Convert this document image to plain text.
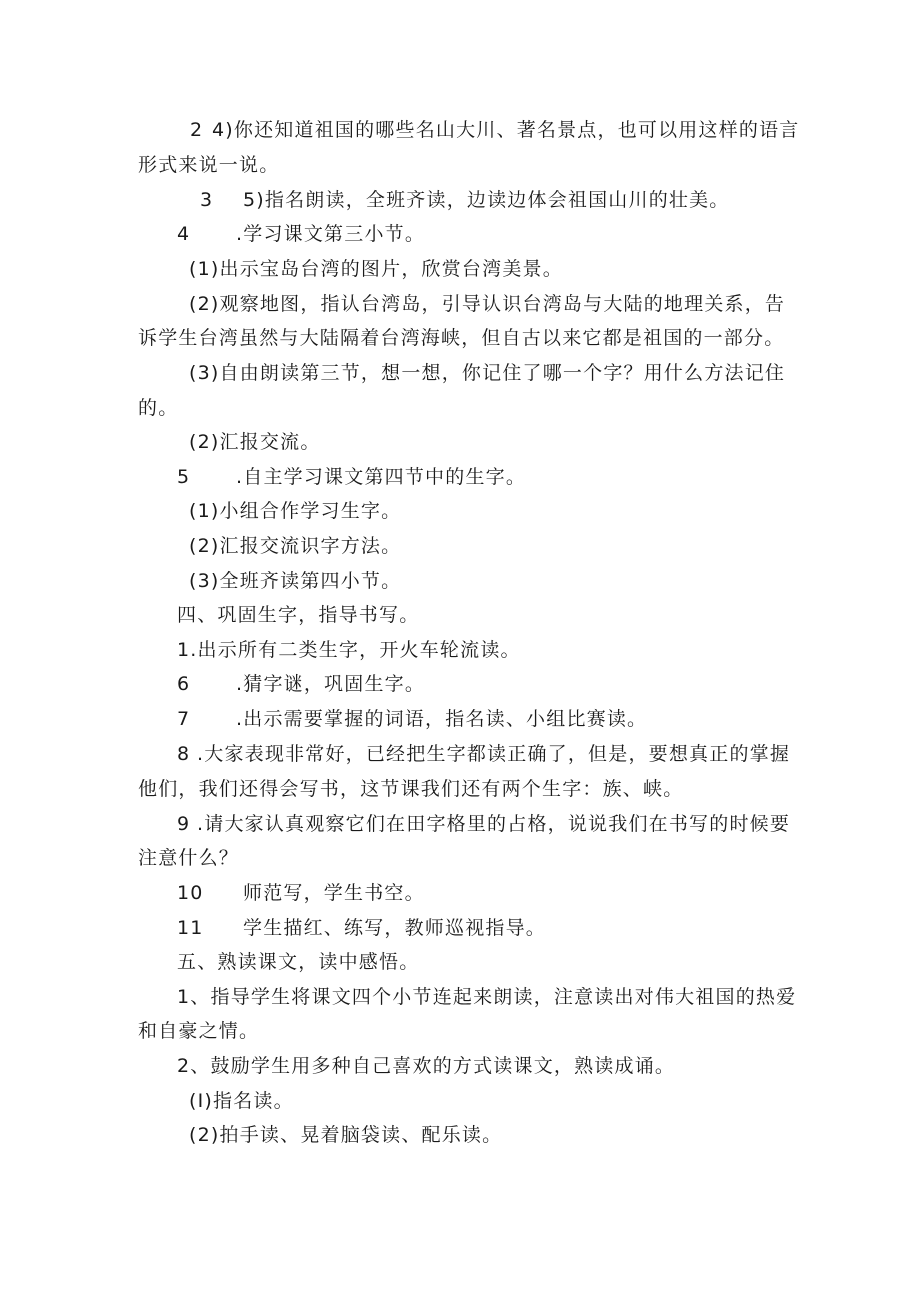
2 4)你还知道祖国的哪些名山大川、著名景点，也可以用这样的语言
形式来说一说。
3 5)指名朗读，全班齐读，边读边体会祖国山川的壮美。
4 .学习课文第三小节。
(1)出示宝岛台湾的图片，欣赏台湾美景。
(2)观察地图，指认台湾岛，引导认识台湾岛与大陆的地理关系，告
诉学生台湾虽然与大陆隔着台湾海峡，但自古以来它都是祖国的一部分。
(3)自由朗读第三节，想一想，你记住了哪一个字？用什么方法记住
的。
(2)汇报交流。
5 .自主学习课文第四节中的生字。
(1)小组合作学习生字。
(2)汇报交流识字方法。
(3)全班齐读第四小节。
四、巩固生字，指导书写。
1.出示所有二类生字，开火车轮流读。
6 .猜字谜，巩固生字。
7 .出示需要掌握的词语，指名读、小组比赛读。
8 .大家表现非常好，已经把生字都读正确了，但是，要想真正的掌握
他们，我们还得会写书，这节课我们还有两个生字：族、峡。
9 .请大家认真观察它们在田字格里的占格，说说我们在书写的时候要
注意什么？
10 师范写，学生书空。
11 学生描红、练写，教师巡视指导。
五、熟读课文，读中感悟。
1、指导学生将课文四个小节连起来朗读，注意读出对伟大祖国的热爱
和自豪之情。
2、鼓励学生用多种自己喜欢的方式读课文，熟读成诵。
(I)指名读。
(2)拍手读、晃着脑袋读、配乐读。
